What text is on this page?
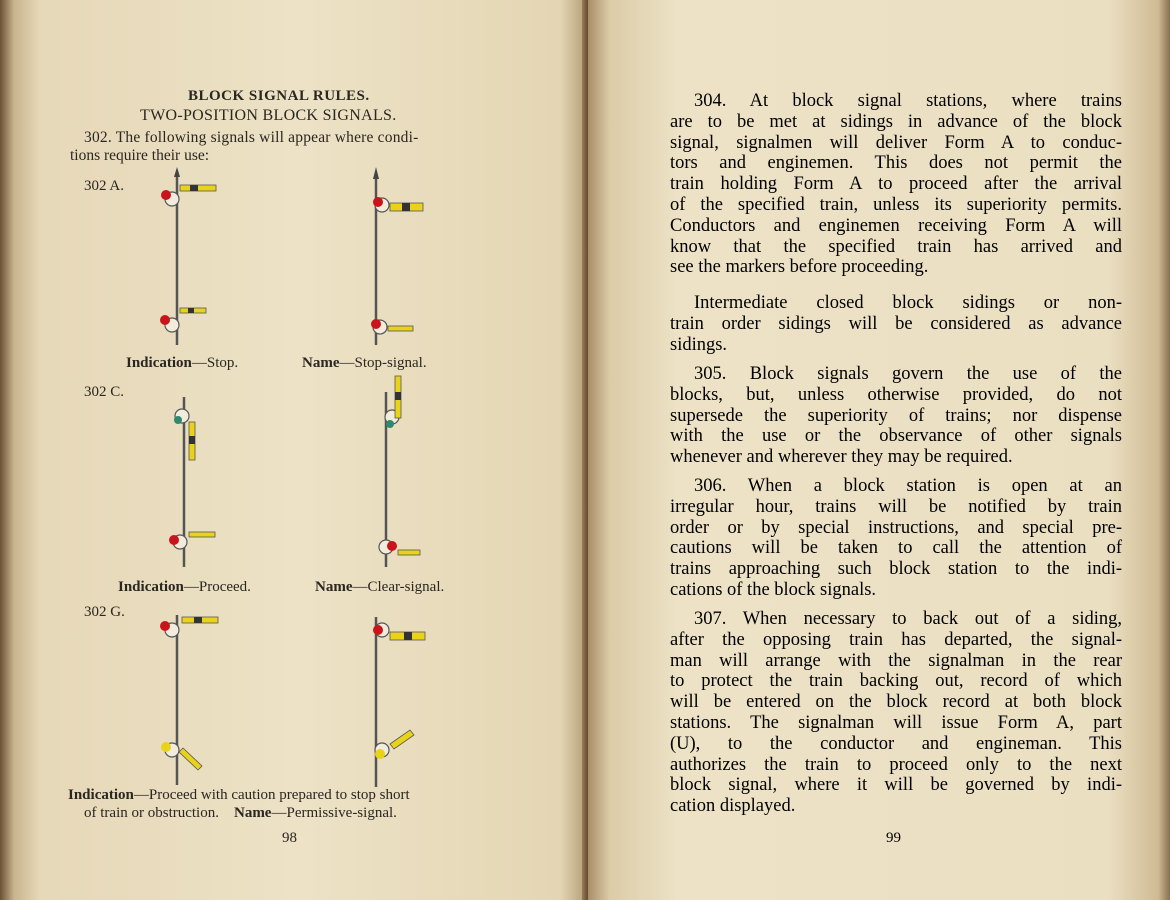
BLOCK SIGNAL RULES.
TWO-POSITION BLOCK SIGNALS.
302. The following signals will appear where condi-
tions require their use:
302 A.
302 C.
302 G.
Indication—Stop.	Name—Stop-signal.
Indication—Proceed.	Name—Clear-signal.
Indication—Proceed with caution prepared to stop short
of train or obstruction. Name—Permissive-signal.
98
304. At block signal stations, where trains
are to be met at sidings in advance of the block
signal, signalmen will deliver Form A to conduc-
tors and enginemen. This does not permit the
train holding Form A to proceed after the arrival
of the specified train, unless its superiority permits.
Conductors and enginemen receiving Form A will
know that the specified train has arrived and
see the markers before proceeding.
Intermediate closed block sidings or non-
train order sidings will be considered as advance
sidings.
305. Block signals govern the use of the
blocks, but, unless otherwise provided, do not
supersede the superiority of trains; nor dispense
with the use or the observance of other signals
whenever and wherever they may be required.
306. When a block station is open at an
irregular hour, trains will be notified by train
order or by special instructions, and special pre-
cautions will be taken to call the attention of
trains approaching such block station to the indi-
cations of the block signals.
307. When necessary to back out of a siding,
after the opposing train has departed, the signal-
man will arrange with the signalman in the rear
to protect the train backing out, record of which
will be entered on the block record at both block
stations. The signalman will issue Form A, part
(U), to the conductor and engineman. This
authorizes the train to proceed only to the next
block signal, where it will be governed by indi-
cation displayed.
99
